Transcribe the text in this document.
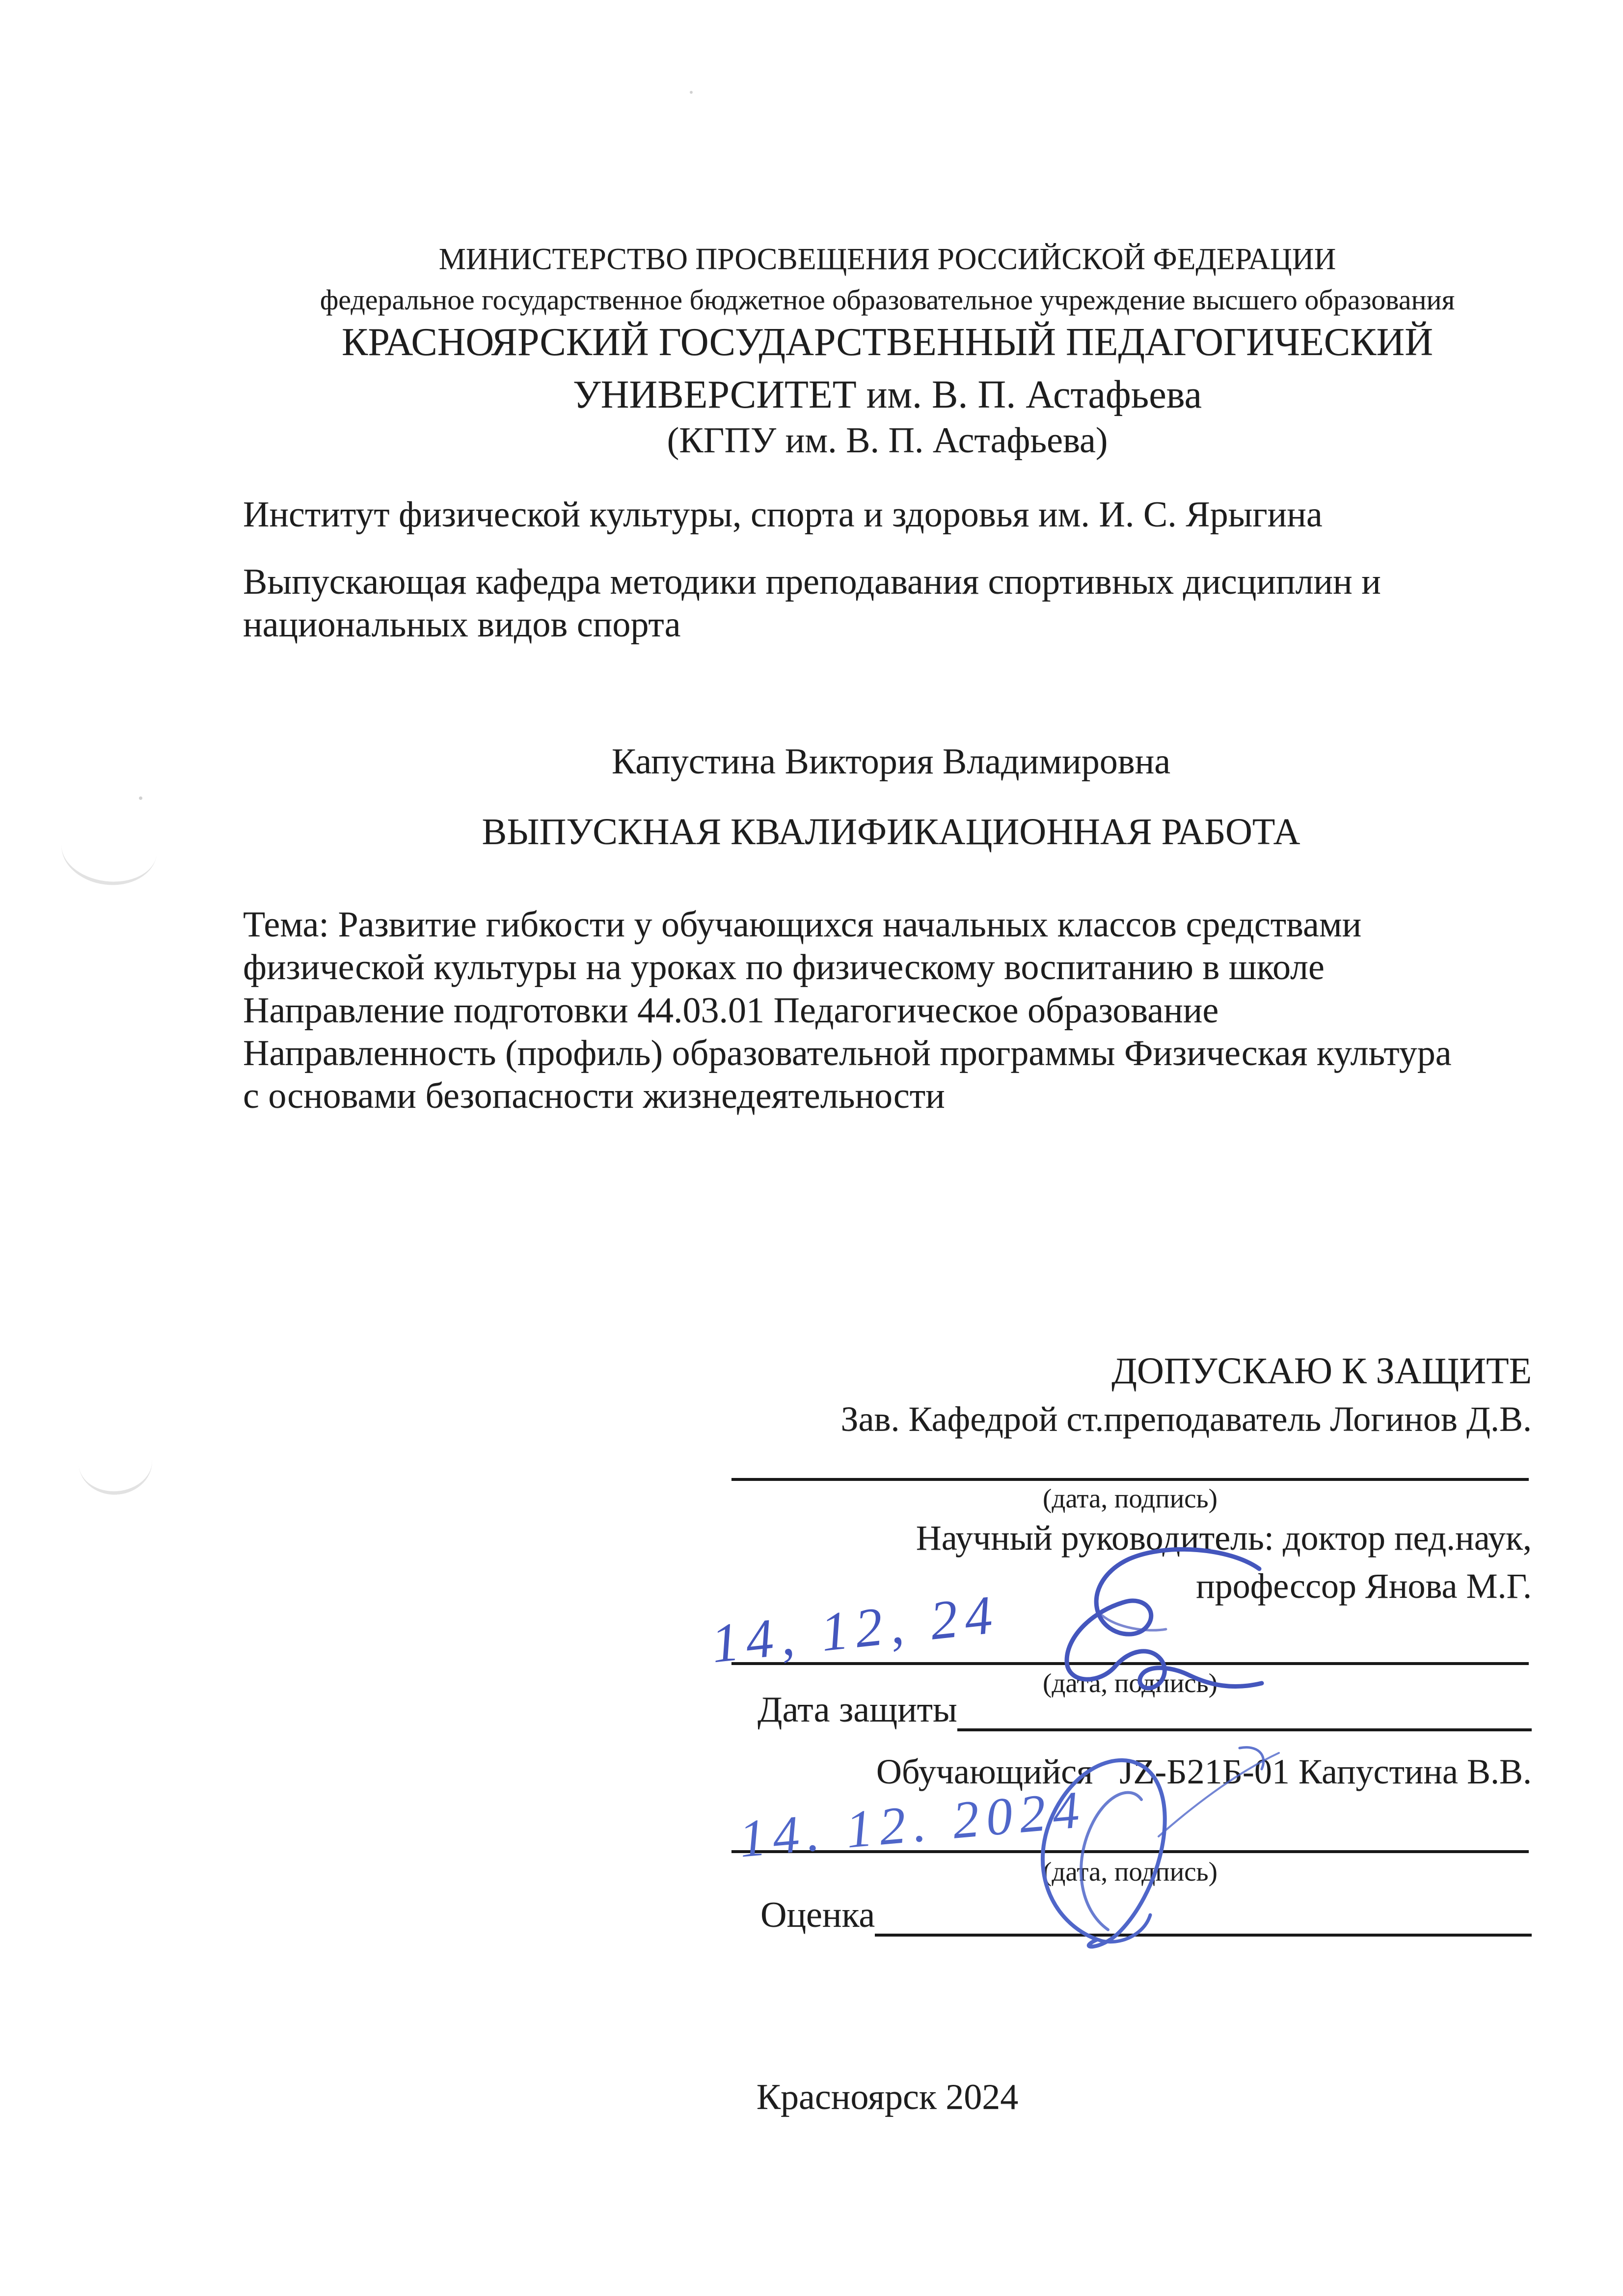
МИНИСТЕРСТВО ПРОСВЕЩЕНИЯ РОССИЙСКОЙ ФЕДЕРАЦИИ
федеральное государственное бюджетное образовательное учреждение высшего образования
КРАСНОЯРСКИЙ ГОСУДАРСТВЕННЫЙ ПЕДАГОГИЧЕСКИЙ
УНИВЕРСИТЕТ им. В. П. Астафьева
(КГПУ им. В. П. Астафьева)
Институт физической культуры, спорта и здоровья им. И. С. Ярыгина
Выпускающая кафедра методики преподавания спортивных дисциплин и
национальных видов спорта
Капустина Виктория Владимировна
ВЫПУСКНАЯ КВАЛИФИКАЦИОННАЯ РАБОТА
Тема: Развитие гибкости у обучающихся начальных классов средствами
физической культуры на уроках по физическому воспитанию в школе
Направление подготовки 44.03.01 Педагогическое образование
Направленность (профиль) образовательной программы Физическая культура
с основами безопасности жизнедеятельности
ДОПУСКАЮ К ЗАЩИТЕ
Зав. Кафедрой ст.преподаватель Логинов Д.В.
(дата, подпись)
Научный руководитель: доктор пед.наук,
профессор Янова М.Г.
(дата, подпись)
Дата защиты
Обучающийся   JZ-Б21Б-01 Капустина В.В.
(дата, подпись)
Оценка
14, 12, 24
14. 12. 2024
Красноярск 2024
